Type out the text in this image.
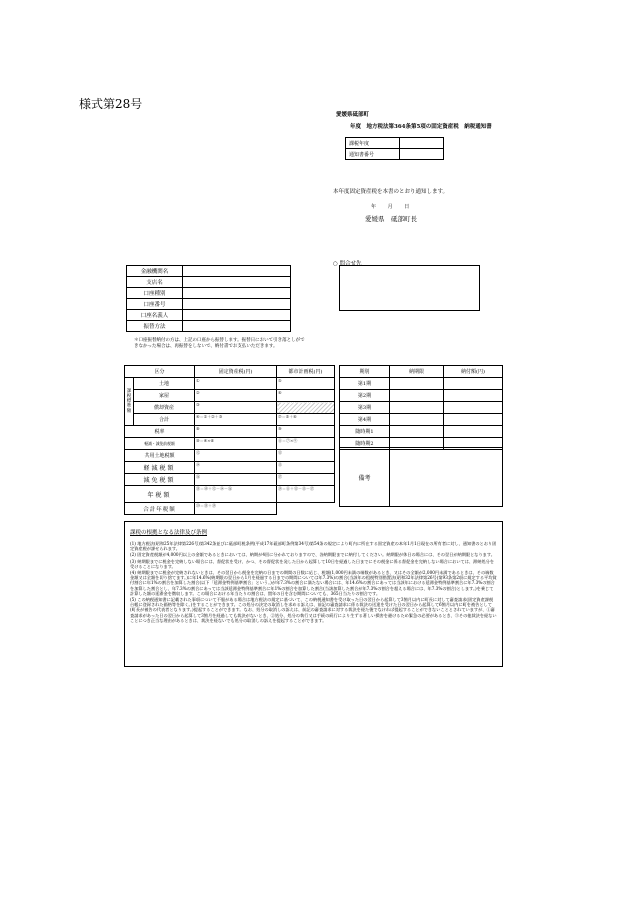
様式第28号
愛媛県砥部町
年度　地方税法第364条第5項の固定資産税　納税通知書
課税年度	
通知書番号	
本年度固定資産税を本書のとおり通知します。
年 月 日
愛媛県　砥部町長
○ 問合せ先
金融機関名	
支店名	
口座種別	
口座番号	
口座名義人	
振替方法	
＊口座振替納付の方は、上記の口座から振替します。振替日において引き落としができなかった場合は、再振替をしないで、納付書でお支払いただきます。
区分		固定資産税(円)	都市計画税(円)
課税標準額	土地	①	⑤
	家屋	②	⑥
	償却資産	③	
	合計	④＝①＋②＋③	⑦＝⑤＋⑥
税率		⑧	⑨
軽減・減免前税額		⑩＝④×⑧	⑪＝⑦×⑨
共用土地税額		⑫	⑬
軽減税額		⑭	⑮
減免税額		⑯	⑰
年税額		⑱＝⑩＋⑫－⑭－⑯	⑲＝⑪＋⑬－⑮－⑰
合計年税額		⑳＝⑱＋⑲	
期別	納期限	納付額(円)
第1期		
第2期		
第3期		
第4期		
随時期1		
随時期2		
備考	
課税の根拠となる法律及び条例
(1) 地方税法(昭和25年法律第226号)第342条並びに砥部町税条例(平成17年砥部町条例第34号)第54条の規定により町内に所在する固定資産の本年1月1日現在の所有者に対し、通知書のとおり固定資産税が課せられます。
(2) 固定資産税額が4,000円以上の金額であるときにおいては、納期が4回に分かれておりますので、各納期限までに納付してください。納期限が休日の場合には、その翌日が納期限となります。
(3) 納期限までに税金を完納しない場合には、督促状を受け、かつ、その督促状を発した日から起算して10日を経過した日までにその税金に係る督促金を完納しない場合においては、滞納処分を受けることになります。
(4) 納期限までに税金が完納されないときは、その翌日から税金を完納の日までの期間の日数に応じ、税額(1,000円未満の端数があるとき、又はその全額が2,000円未満であるときは、その端数金額又は全額を切り捨てます。)に年14.6%(納期限の翌日から1月を経過する日までの期間については年7.3%)の割合(当該年の租税特別措置法(昭和32年法律第26号)第93条第2項に規定する平均貸付割合に年1%の割合を加算した割合(以下「延滞金特例基準割合」という。)が年7.3%の割合に満たない場合には、年14.6%の割合にあっては当該年における延滞金特例基準割合に年7.3%の割合を加算した割合とし、年7.3%の割合にあっては当該延滞金特例基準割合に年1%の割合を加算した割合(当該加算した割合が年7.3%の割合を超える場合には、年7.3%の割合)とします。)を乗じて計算した額の延滞金を徴収します。この場合における年当たりの割合は、閏年の日を含む期間についても、365日当たりの割合です。
(5) この納税通知書に記載された事項について不服がある場合は地方税法の規定に基づいて、この納税通知書を受け取った日の翌日から起算して3箇月以内に町長に対して審査請求(固定資産課税台帳に登録された価格等を除く。)をすることができます。この処分の決定の取消しを求める訴えは、前記の審査請求に係る裁決の送達を受けた日の翌日から起算して6箇月以内に町を被告として(町長が被告の代表者となります。)提起することができます。なお、処分の取消しの訴えは、前記の審査請求に対する裁決を経た後でなければ提起することができないこととされていますが、①審査請求があった日の翌日から起算して3箇月を経過しても裁決がないとき、②処分、処分の執行又は手続の続行により生ずる著しい損害を避けるため緊急の必要があるとき、③その他裁決を経ないことにつき正当な理由があるときは、裁決を経ないでも処分の取消しの訴えを提起することができます。
